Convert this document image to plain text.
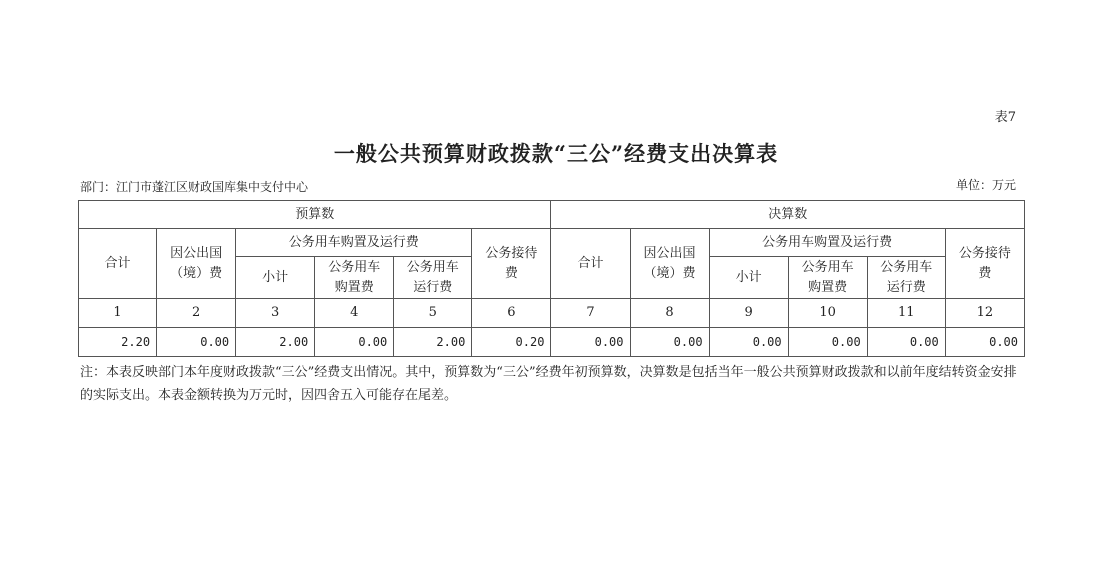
表7
一般公共预算财政拨款“三公”经费支出决算表
部门：江门市蓬江区财政国库集中支付中心	单位：万元
预算数						决算数					
合计	因公出国（境）费	公务用车购置及运行费			公务接待费	合计	因公出国（境）费	公务用车购置及运行费			公务接待费
		小计	公务用车购置费	公务用车运行费				小计	公务用车购置费	公务用车运行费	
1	2	3	4	5	6	7	8	9	10	11	12
2.20	0.00	2.00	0.00	2.00	0.20	0.00	0.00	0.00	0.00	0.00	0.00
注：本表反映部门本年度财政拨款“三公”经费支出情况。其中，预算数为“三公”经费年初预算数，决算数是包括当年一般公共预算财政拨款和以前年度结转资金安排的实际支出。本表金额转换为万元时，因四舍五入可能存在尾差。
